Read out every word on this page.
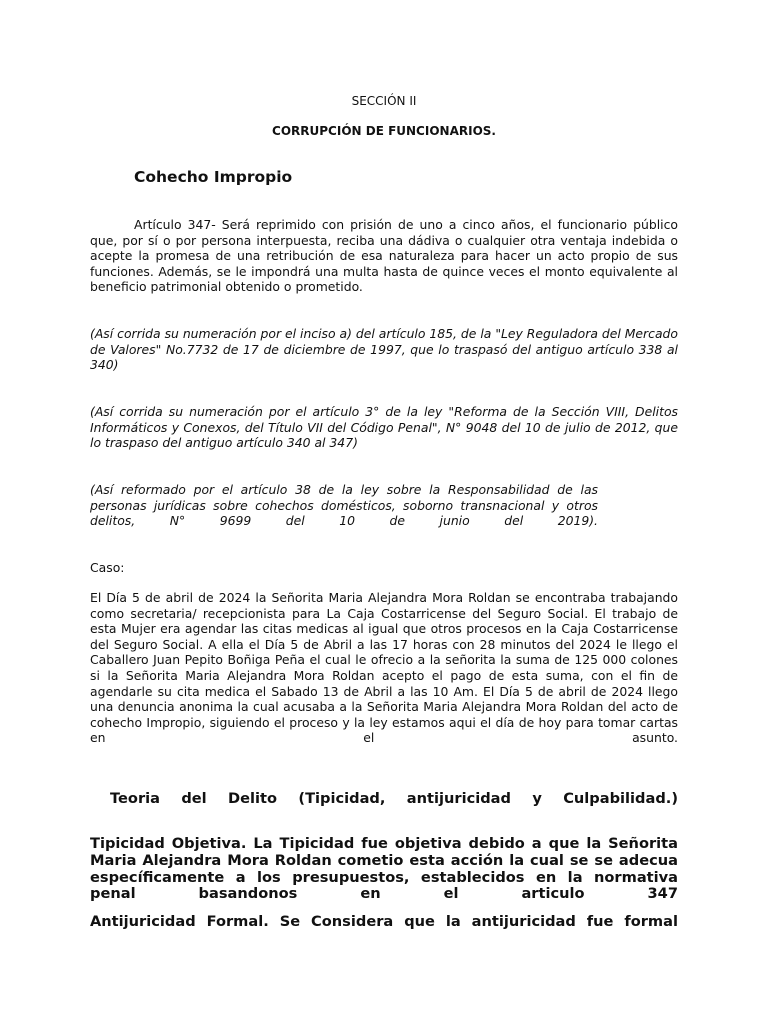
SECCIÓN II
CORRUPCIÓN DE FUNCIONARIOS.
Cohecho Impropio

Artículo 347- Será reprimido con prisión de uno a cinco años, el funcionario público que, por sí o por persona interpuesta, reciba una dádiva o cualquier otra ventaja indebida o acepte la promesa de una retribución de esa naturaleza para hacer un acto propio de sus funciones. Además, se le impondrá una multa hasta de quince veces el monto equivalente al beneficio patrimonial obtenido o prometido.

(Así corrida su numeración por el inciso a) del artículo 185, de la "Ley Reguladora del Mercado de Valores" No.7732 de 17 de diciembre de 1997, que lo traspasó del antiguo artículo 338 al 340)

(Así corrida su numeración por el artículo 3° de la ley "Reforma de la Sección VIII, Delitos Informáticos y Conexos, del Título VII del Código Penal", N° 9048 del 10 de julio de 2012, que lo traspaso del antiguo artículo 340 al 347)

(Así reformado por el artículo 38 de la ley sobre la Responsabilidad de las personas jurídicas sobre cohechos domésticos, soborno transnacional y otros delitos, N° 9699 del 10 de junio del 2019).

Caso:

El Día 5 de abril de 2024 la Señorita Maria Alejandra Mora Roldan se encontraba trabajando como secretaria/ recepcionista para La Caja Costarricense del Seguro Social. El trabajo de esta Mujer era agendar las citas medicas al igual que otros procesos en la Caja Costarricense del Seguro Social. A ella el Día 5 de Abril a las 17 horas con 28 minutos del 2024 le llego el Caballero Juan Pepito Boñiga Peña el cual le ofrecio a la señorita la suma de 125 000 colones si la Señorita Maria Alejandra Mora Roldan acepto el pago de esta suma, con el fin de agendarle su cita medica el Sabado 13 de Abril a las 10 Am. El Día 5 de abril de 2024 llego una denuncia anonima la cual acusaba a la Señorita Maria Alejandra Mora Roldan del acto de cohecho Impropio, siguiendo el proceso y la ley estamos aqui el día de hoy para tomar cartas en el asunto.

Teoria del Delito (Tipicidad, antijuricidad y Culpabilidad.)

Tipicidad Objetiva. La Tipicidad fue objetiva debido a que la Señorita Maria Alejandra Mora Roldan cometio esta acción la cual se se adecua específicamente a los presupuestos, establecidos en la normativa penal basandonos en el articulo 347

Antijuricidad Formal. Se Considera que la antijuricidad fue formal
